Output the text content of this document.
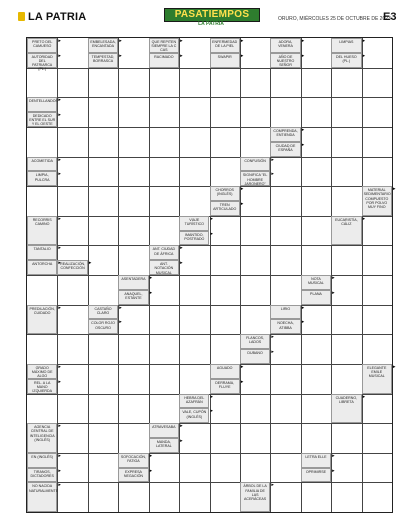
LA PATRIA	PASATIEMPOS
LA PATRIA
ORURO, MIÉRCOLES 25 DE OCTUBRE DE 2023
E3
PRETO DEL CAMUESO
▸
AUTORIDAD DEL PATRIARCA (PL.)
▸
EMBELESADA, ENCANTADA
▸
TEMPESTAD, BORRASCA
▸
QUE REPITEN SIEMPRE LA C CAS
▸
RACIMADO	▸
ENFERMEDAD DE LA PIEL
▸
SWAPIR	▸
ADORA, VENERA
▸
AÑO DE NUESTRO SEÑOR
▸
LIMPIAS	▸
DEL HUESO (PL.)
▸
DENTELLANDOS ▸
DEDICADO ENTRE EL SUR Y EL OESTE
▸
COMPRENDA, ENTIENDA
▸
CIUDAD DE ESPAÑA
▸
ACOMETIDA	▸
LIMPIA, PULCRA
▸
CONFUSIÓN	▸
SIGNIFICA "EL HOMBRE JARONERO"
▸
CHORROS (INGLÉS)
▸
TREN ARTICULADO
▸
MATERIAL SEDIMENTARIO COMPUESTO POR POLVO MUY FINO
▸
VIAJE TURÍSTICO
▸
IMANTIDO, POSTRADO
▸
RECORRIS CAMINO
▸	EUCARISTÍA, CÁLIZ
▸
TANTALIO	▸
REALIZACIÓN, CONFECCIÓN
▸
ANTORCHA	▸
ANT. CIUDAD DE ÁFRICA
▸
ANT. NOTACIÓN MUSICAL
▸
ASENTADERA ▸
ANAQUEL, ESTANTE
▸
NOTA MUSICAL
▸
PLANA	▸
CASTAÑO CLARO
▸
COLOR ROJO OSCURO
▸
PREDILACIÓN, CUIDADO
▸	LIRIO	▸
NOECHA, ATIBBA
▸
FLANCOS, LADOS
▸
DUBANO	▸
GRADO MÁXIMO DE ALGO
▸
REL. A LA MANO IZQUIERDA
▸
AGUADO	▸
DERRAMA, FLUYE
▸
ELEGANTE EMILE MUSICAL
▸
HEBRA DEL AZAFRÁN
▸
VALE, CUPÓN (INGLÉS)
▸
CUADERNO, LIBRETA
▸
AGENCIA CENTRAL DE INTELIGENCIA (INGLÉS)
▸	ATRAVESABA ▸
MANDA, LATERAL
▸
EN (INGLÉS)	▸
TIRANOS, DICTADORES
▸
SOFOCACIÓN, FATIGA
▸
EXPRESA NEGACIÓN
▸
LETRA ELLE	▸
OPRIMIRSE	▸
ÁRBOL DE LA FAMILIA DE LAS ACERÁCEAS
▸
NO NACIDA NATURALMENTE
▸
